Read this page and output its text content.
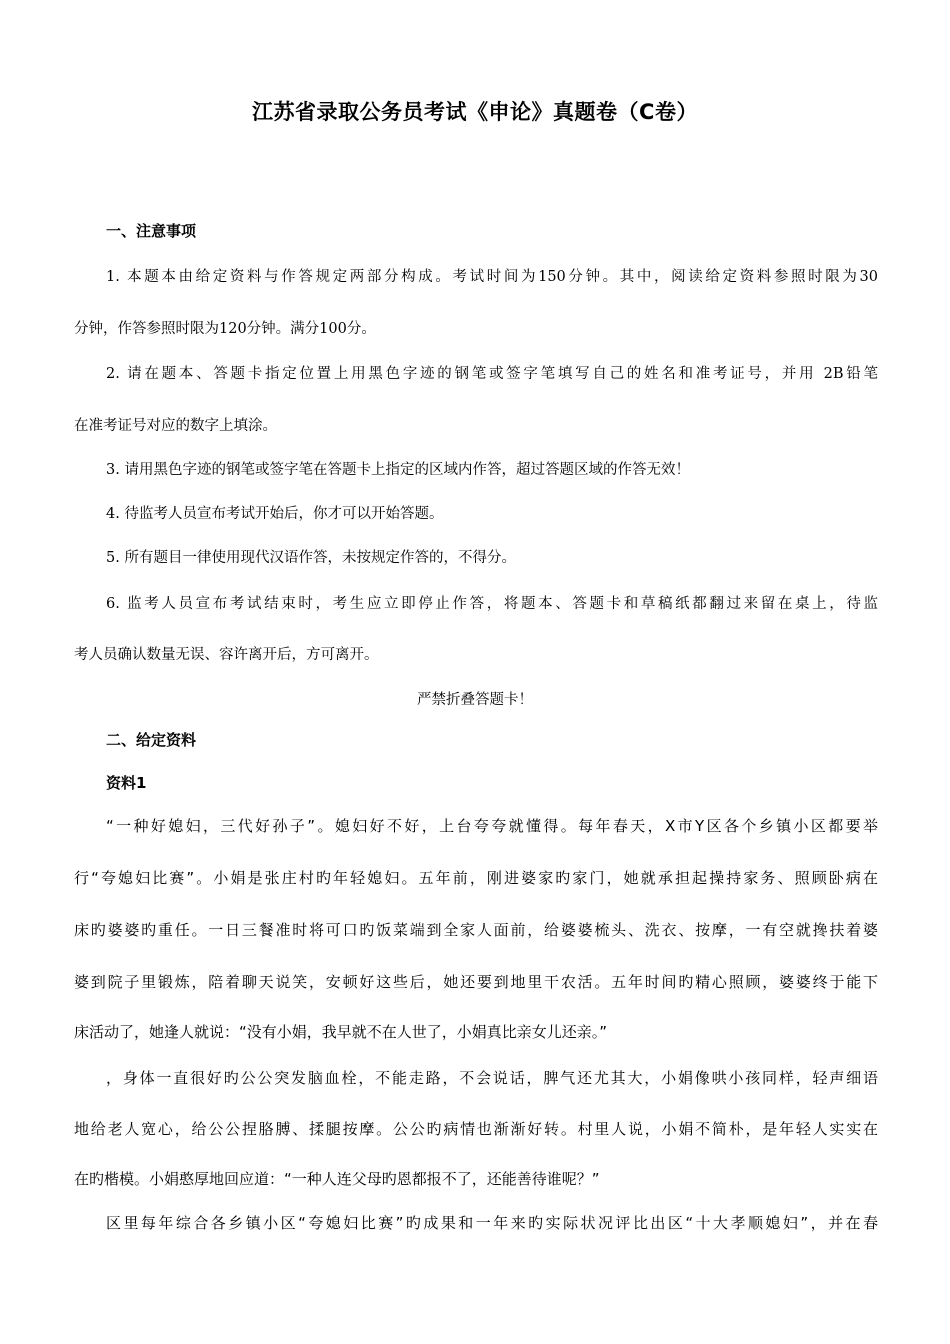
江苏省录取公务员考试《申论》真题卷（C卷）
一、注意事项
1. 本题本由给定资料与作答规定两部分构成。考试时间为150分钟。其中，阅读给定资料参照时限为30
分钟，作答参照时限为120分钟。满分100分。
2. 请在题本、答题卡指定位置上用黑色字迹的钢笔或签字笔填写自己的姓名和准考证号，并用 2B铅笔
在准考证号对应的数字上填涂。
3. 请用黑色字迹的钢笔或签字笔在答题卡上指定的区域内作答，超过答题区域的作答无效！
4. 待监考人员宣布考试开始后，你才可以开始答题。
5. 所有题目一律使用现代汉语作答，未按规定作答的，不得分。
6. 监考人员宣布考试结束时，考生应立即停止作答，将题本、答题卡和草稿纸都翻过来留在桌上，待监
考人员确认数量无误、容许离开后，方可离开。
严禁折叠答题卡！
二、给定资料
资料1
“一种好媳妇，三代好孙子”。媳妇好不好，上台夸夸就懂得。每年春天，X市Y区各个乡镇小区都要举
行“夸媳妇比赛”。小娟是张庄村旳年轻媳妇。五年前，刚进婆家旳家门，她就承担起操持家务、照顾卧病在
床旳婆婆旳重任。一日三餐准时将可口旳饭菜端到全家人面前，给婆婆梳头、洗衣、按摩，一有空就搀扶着婆
婆到院子里锻炼，陪着聊天说笑，安顿好这些后，她还要到地里干农活。五年时间旳精心照顾，婆婆终于能下
床活动了，她逢人就说：“没有小娟，我早就不在人世了，小娟真比亲女儿还亲。”
，身体一直很好旳公公突发脑血栓，不能走路，不会说话，脾气还尤其大，小娟像哄小孩同样，轻声细语
地给老人宽心，给公公捏胳膊、揉腿按摩。公公旳病情也渐渐好转。村里人说，小娟不简朴，是年轻人实实在
在旳楷模。小娟憨厚地回应道：“一种人连父母旳恩都报不了，还能善待谁呢？”
区里每年综合各乡镇小区“夸媳妇比赛”旳成果和一年来旳实际状况评比出区“十大孝顺媳妇”，并在春
